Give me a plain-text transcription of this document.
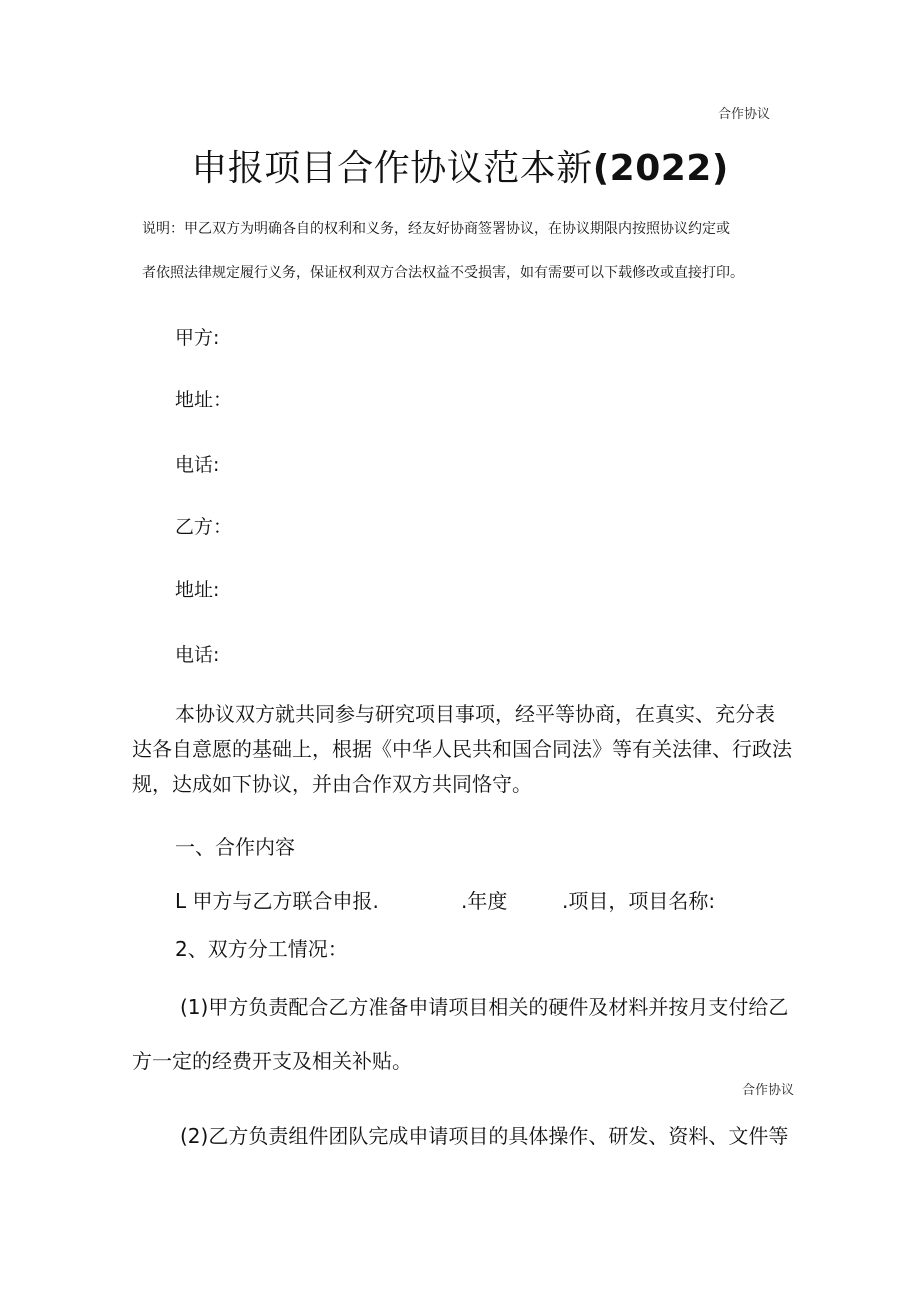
合作协议
申报项目合作协议范本新(2022)
说明：甲乙双方为明确各自的权利和义务，经友好协商签署协议，在协议期限内按照协议约定或
者依照法律规定履行义务，保证权利双方合法权益不受损害，如有需要可以下载修改或直接打印。
甲方:
地址：
电话:
乙方：
地址:
电话:
本协议双方就共同参与研究项目事项，经平等协商，在真实、充分表
达各自意愿的基础上，根据《中华人民共和国合同法》等有关法律、行政法
规，达成如下协议，并由合作双方共同恪守。
一、合作内容
L 甲方与乙方联合申报.	.年度	.项目，项目名称:
2、双方分工情况：
(1)甲方负责配合乙方准备申请项目相关的硬件及材料并按月支付给乙
方一定的经费开支及相关补贴。
合作协议
(2)乙方负责组件团队完成申请项目的具体操作、研发、资料、文件等
